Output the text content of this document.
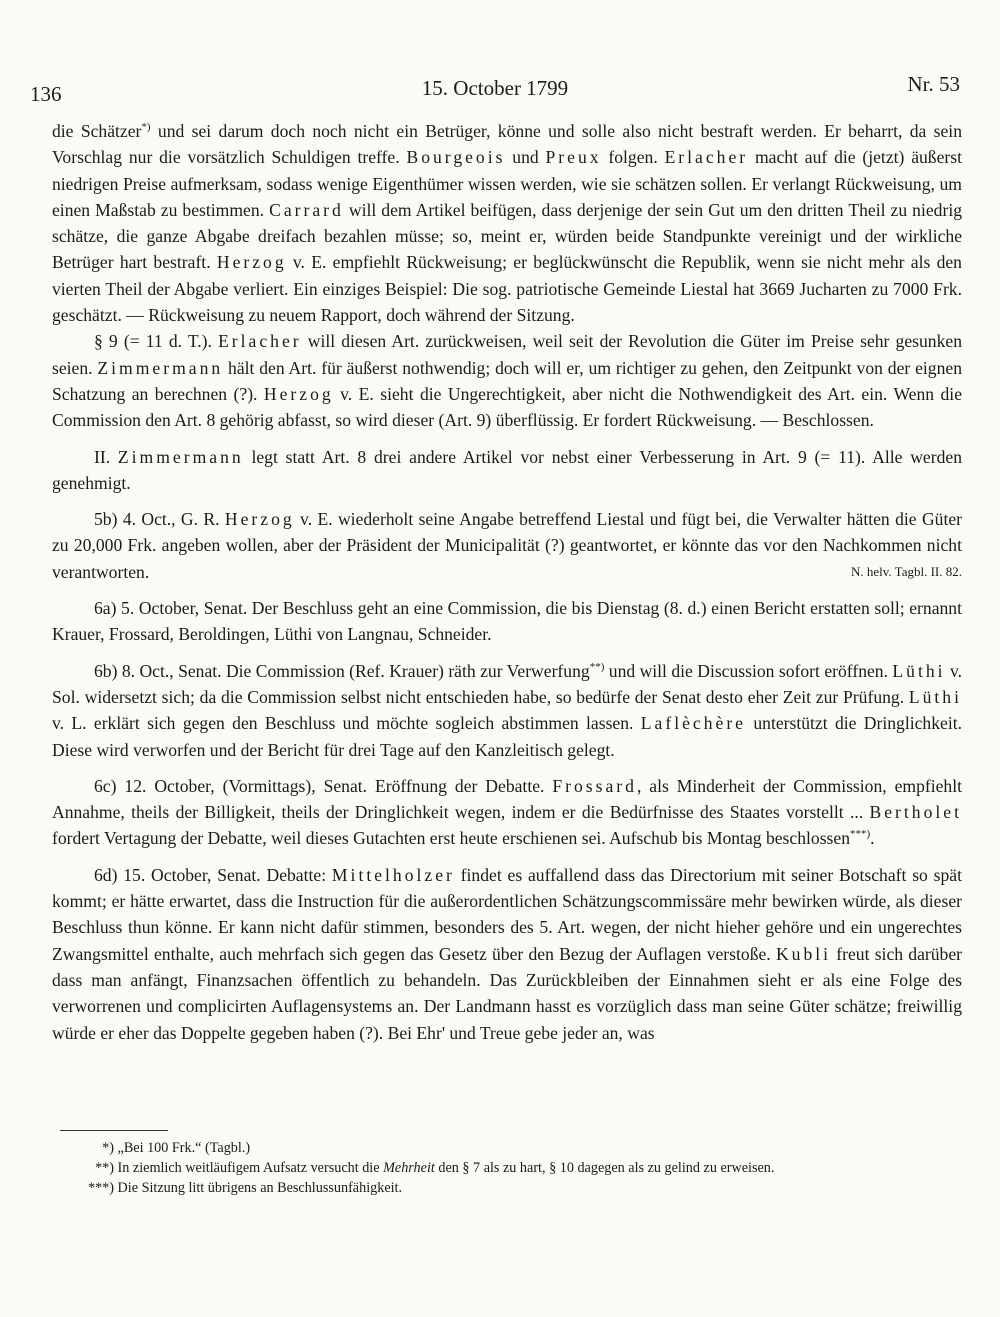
136	15. October 1799	Nr. 53

die Schätzer*) und sei darum doch noch nicht ein Betrüger, könne und solle also nicht bestraft werden. Er beharrt, da sein Vorschlag nur die vorsätzlich Schuldigen treffe. Bourgeois und Preux folgen. Erlacher macht auf die (jetzt) äußerst niedrigen Preise aufmerksam, sodass wenige Eigenthümer wissen werden, wie sie schätzen sollen. Er verlangt Rückweisung, um einen Maßstab zu bestimmen. Carrard will dem Artikel beifügen, dass derjenige der sein Gut um den dritten Theil zu niedrig schätze, die ganze Abgabe dreifach bezahlen müsse; so, meint er, würden beide Standpunkte vereinigt und der wirkliche Betrüger hart bestraft. Herzog v. E. empfiehlt Rückweisung; er beglückwünscht die Republik, wenn sie nicht mehr als den vierten Theil der Abgabe verliert. Ein einziges Beispiel: Die sog. patriotische Gemeinde Liestal hat 3669 Jucharten zu 7000 Frk. geschätzt. — Rückweisung zu neuem Rapport, doch während der Sitzung.

§ 9 (= 11 d. T.). Erlacher will diesen Art. zurückweisen, weil seit der Revolution die Güter im Preise sehr gesunken seien. Zimmermann hält den Art. für äußerst nothwendig; doch will er, um richtiger zu gehen, den Zeitpunkt von der eignen Schatzung an berechnen (?). Herzog v. E. sieht die Ungerechtigkeit, aber nicht die Nothwendigkeit des Art. ein. Wenn die Commission den Art. 8 gehörig abfasst, so wird dieser (Art. 9) überflüssig. Er fordert Rückweisung. — Beschlossen.

II. Zimmermann legt statt Art. 8 drei andere Artikel vor nebst einer Verbesserung in Art. 9 (= 11). Alle werden genehmigt.

5b) 4. Oct., G. R. Herzog v. E. wiederholt seine Angabe betreffend Liestal und fügt bei, die Verwalter hätten die Güter zu 20,000 Frk. angeben wollen, aber der Präsident der Municipalität (?) geantwortet, er könnte das vor den Nachkommen nicht verantworten.	N. helv. Tagbl. II. 82.

6a) 5. October, Senat. Der Beschluss geht an eine Commission, die bis Dienstag (8. d.) einen Bericht erstatten soll; ernannt Krauer, Frossard, Beroldingen, Lüthi von Langnau, Schneider.

6b) 8. Oct., Senat. Die Commission (Ref. Krauer) räth zur Verwerfung**) und will die Discussion sofort eröffnen. Lüthi v. Sol. widersetzt sich; da die Commission selbst nicht entschieden habe, so bedürfe der Senat desto eher Zeit zur Prüfung. Lüthi v. L. erklärt sich gegen den Beschluss und möchte sogleich abstimmen lassen. Laflèchère unterstützt die Dringlichkeit. Diese wird verworfen und der Bericht für drei Tage auf den Kanzleitisch gelegt.

6c) 12. October, (Vormittags), Senat. Eröffnung der Debatte. Frossard, als Minderheit der Commission, empfiehlt Annahme, theils der Billigkeit, theils der Dringlichkeit wegen, indem er die Bedürfnisse des Staates vorstellt ... Bertholet fordert Vertagung der Debatte, weil dieses Gutachten erst heute erschienen sei. Aufschub bis Montag beschlossen***).

6d) 15. October, Senat. Debatte: Mittelholzer findet es auffallend dass das Directorium mit seiner Botschaft so spät kommt; er hätte erwartet, dass die Instruction für die außerordentlichen Schätzungscommissäre mehr bewirken würde, als dieser Beschluss thun könne. Er kann nicht dafür stimmen, besonders des 5. Art. wegen, der nicht hieher gehöre und ein ungerechtes Zwangsmittel enthalte, auch mehrfach sich gegen das Gesetz über den Bezug der Auflagen verstoße. Kubli freut sich darüber dass man anfängt, Finanzsachen öffentlich zu behandeln. Das Zurückbleiben der Einnahmen sieht er als eine Folge des verworrenen und complicirten Auflagensystems an. Der Landmann hasst es vorzüglich dass man seine Güter schätze; freiwillig würde er eher das Doppelte gegeben haben (?). Bei Ehr' und Treue gebe jeder an, was

*) „Bei 100 Frk.“ (Tagbl.)
**) In ziemlich weitläufigem Aufsatz versucht die Mehrheit den § 7 als zu hart, § 10 dagegen als zu gelind zu erweisen.
***) Die Sitzung litt übrigens an Beschlussunfähigkeit.
